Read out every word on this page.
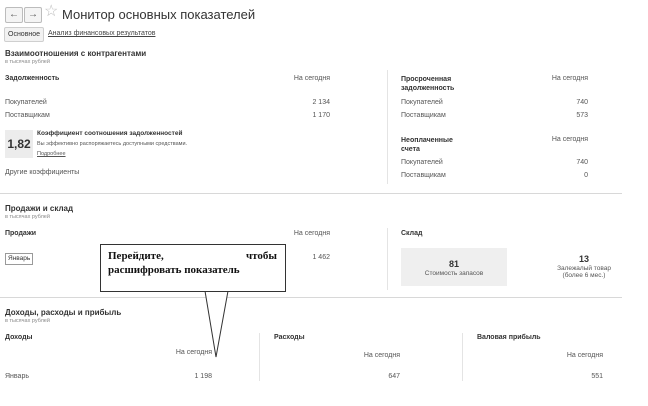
← → ☆ Монитор основных показателей
Основное	Анализ финансовых результатов
Взаимоотношения с контрагентами
в тысячах рублей
Задолженность	На сегодня
Покупателей	2 134
Поставщикам	1 170
1,82
Коэффициент соотношения задолженностей
Вы эффективно распоряжаетесь доступными средствами.
Подробнее
Другие коэффициенты
Просроченная задолженность
На сегодня
Покупателей	740
Поставщикам	573
Неоплаченные счета
На сегодня
Покупателей	740
Поставщикам	0
Продажи и склад
в тысячах рублей
Продажи	На сегодня
Январь	1 462
Склад
81
Стоимость запасов
13
Залежалый товар
(более 6 мес.)
Доходы, расходы и прибыль
в тысячах рублей
Доходы
На сегодня
Январь	1 198
Расходы
На сегодня
647
Валовая прибыль
На сегодня
551
Перейдите,	чтобы
расшифровать показатель
